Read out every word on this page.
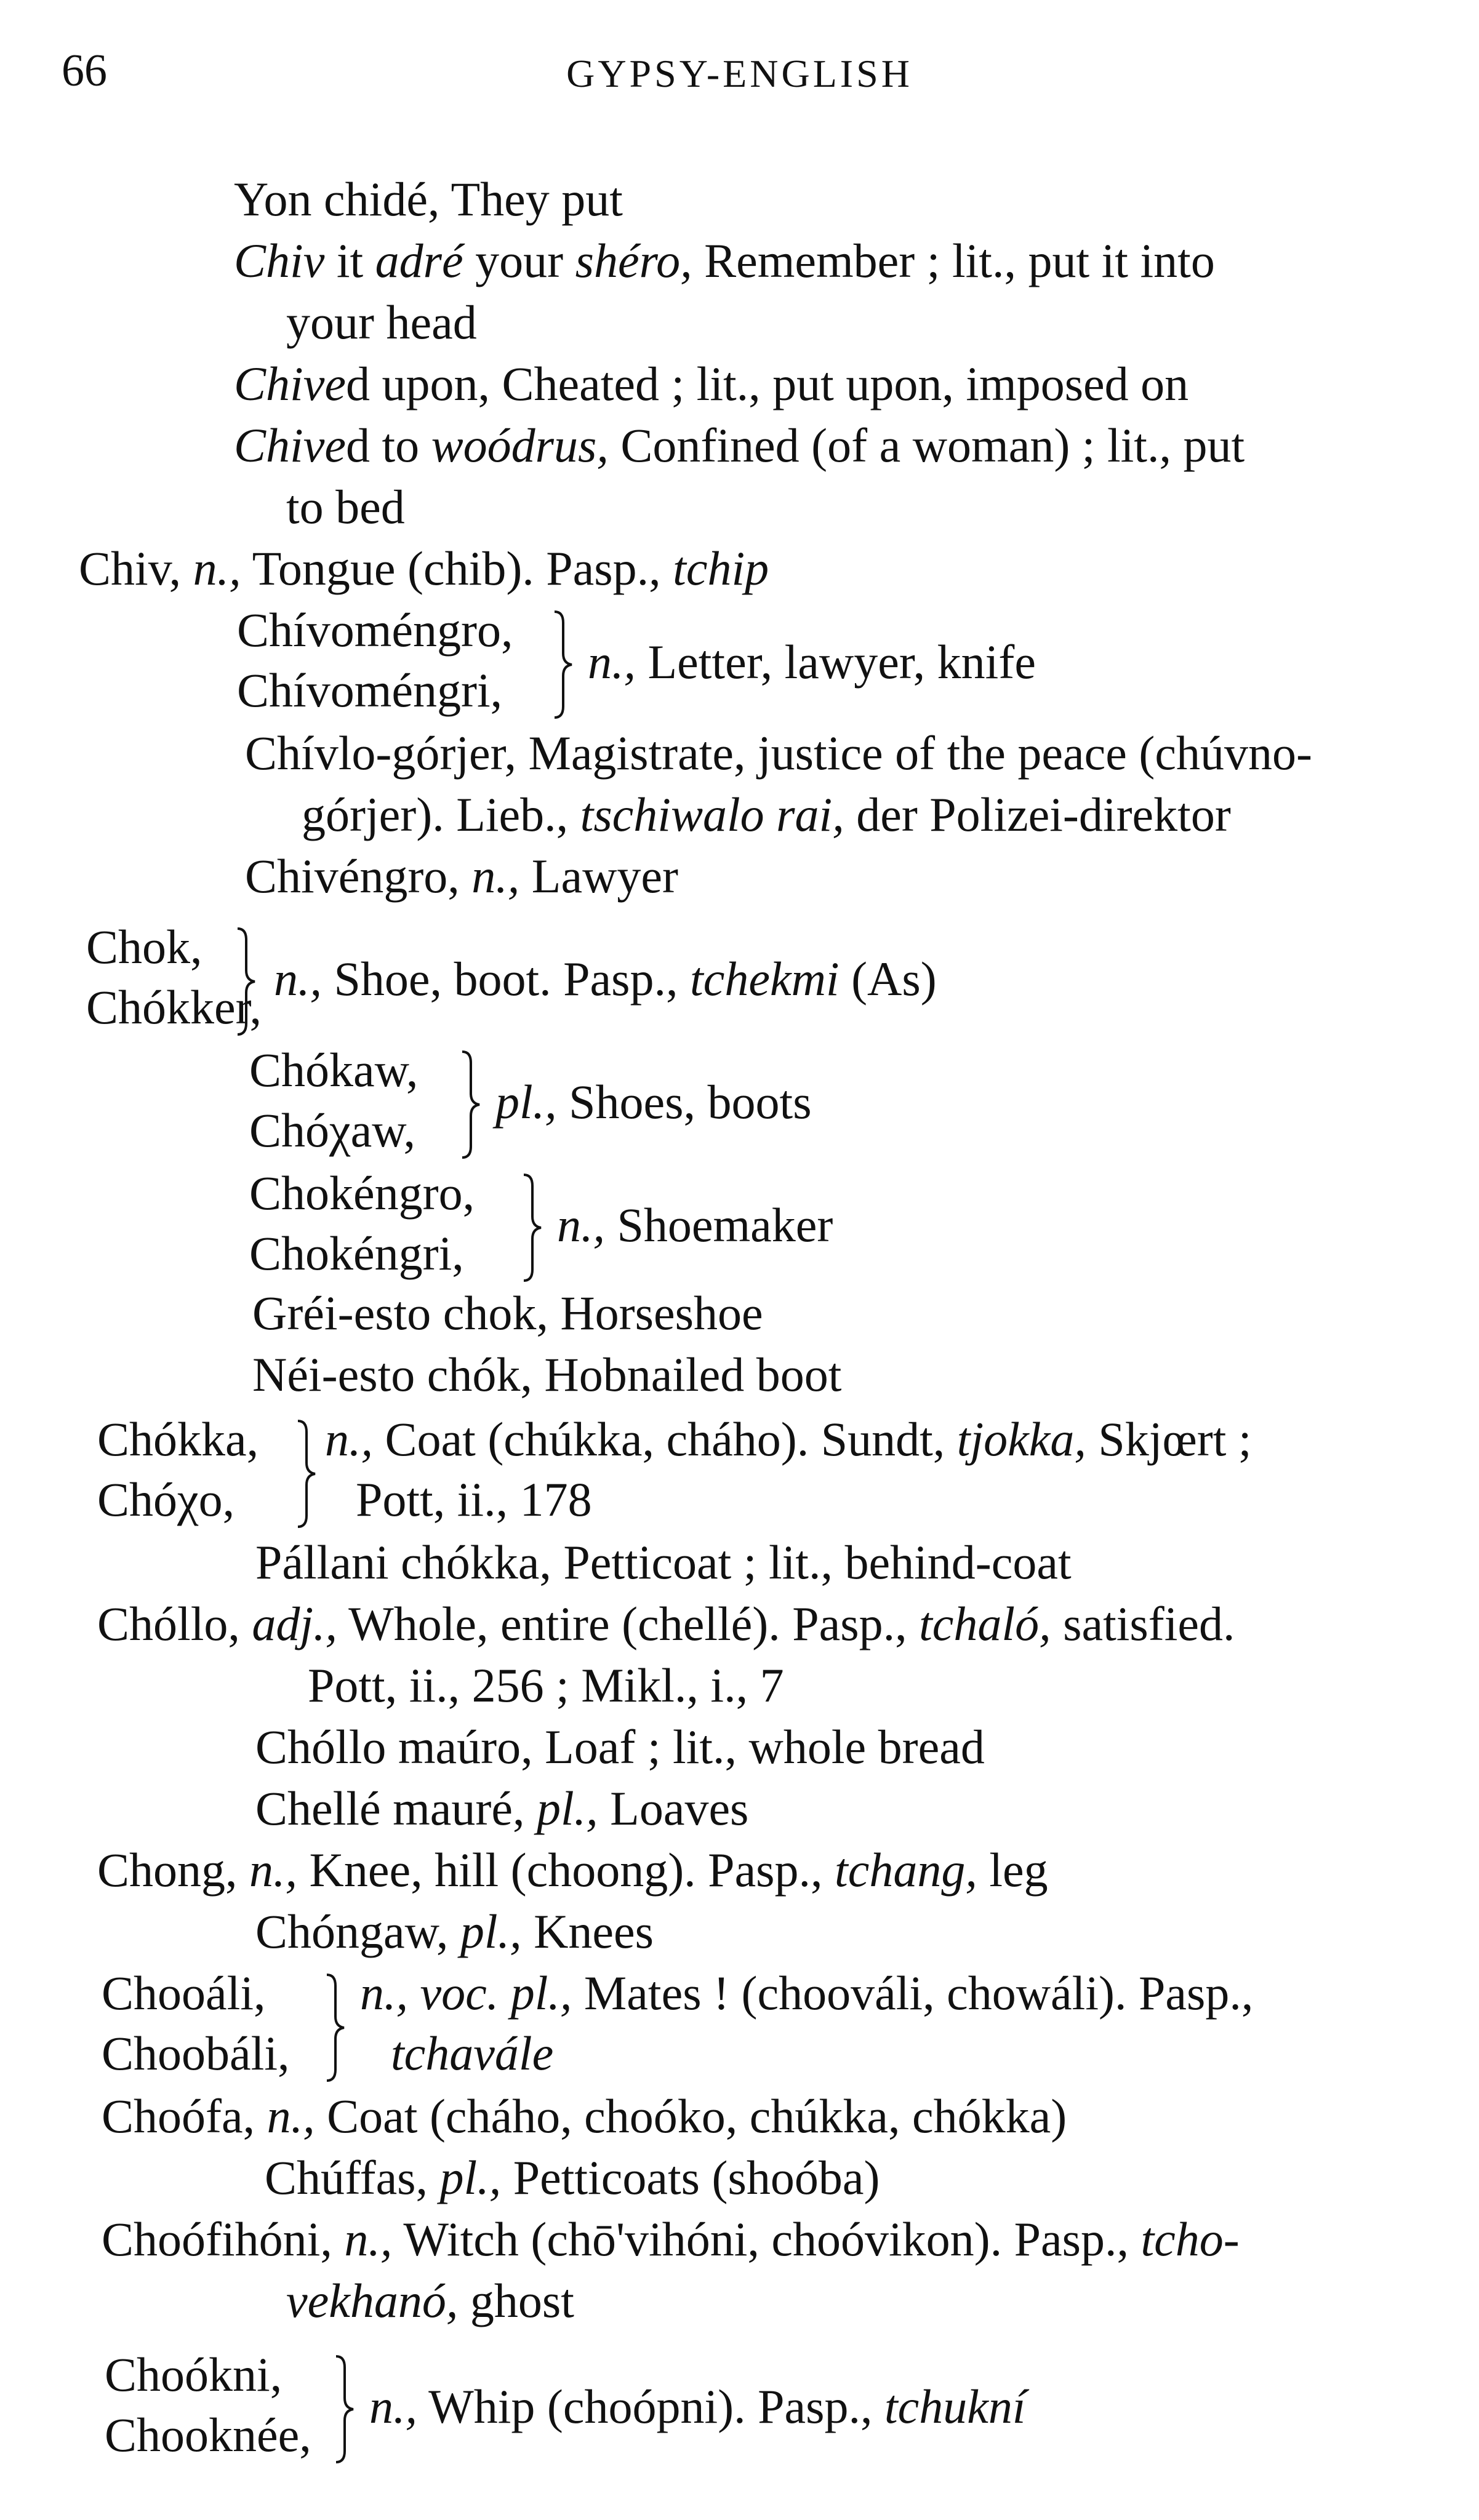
66	GYPSY-ENGLISH
Yon chidé, They put
Chiv it adré your shéro, Remember ; lit., put it into
your head
Chived upon, Cheated ; lit., put upon, imposed on
Chived to woódrus, Confined (of a woman) ; lit., put
to bed
Chiv, n., Tongue (chib). Pasp., tchip
Chívlo-górjer, Magistrate, justice of the peace (chúvno-
górjer). Lieb., tschiwalo rai, der Polizei-direktor
Chivéngro, n., Lawyer
Gréi-esto chok, Horseshoe
Néi-esto chók, Hobnailed boot
Pállani chókka, Petticoat ; lit., behind-coat
Chóllo, adj., Whole, entire (chellé). Pasp., tchaló, satisfied.
Pott, ii., 256 ; Mikl., i., 7
Chóllo maúro, Loaf ; lit., whole bread
Chellé mauré, pl., Loaves
Chong, n., Knee, hill (choong). Pasp., tchang, leg
Chóngaw, pl., Knees
Choófa, n., Coat (cháho, choóko, chúkka, chókka)
Chúffas, pl., Petticoats (shoóba)
Choófihóni, n., Witch (chō'vihóni, choóvikon). Pasp., tcho-
vekhanó, ghost
Chívoméngro,
Chívoméngri,
n., Letter, lawyer, knife
Chok,
Chókker,
n., Shoe, boot. Pasp., tchekmi (As)
Chókaw,
Chóχaw,
pl., Shoes, boots
Chokéngro,
Chokéngri,
n., Shoemaker
Chókka,
Chóχo,
n., Coat (chúkka, cháho). Sundt, tjokka, Skjœrt ;
Pott, ii., 178
Chooáli,
Choobáli,
n., voc. pl., Mates ! (choováli, chowáli). Pasp.,
tchavále
Choókni,
Chooknée,
n., Whip (choópni). Pasp., tchukní
